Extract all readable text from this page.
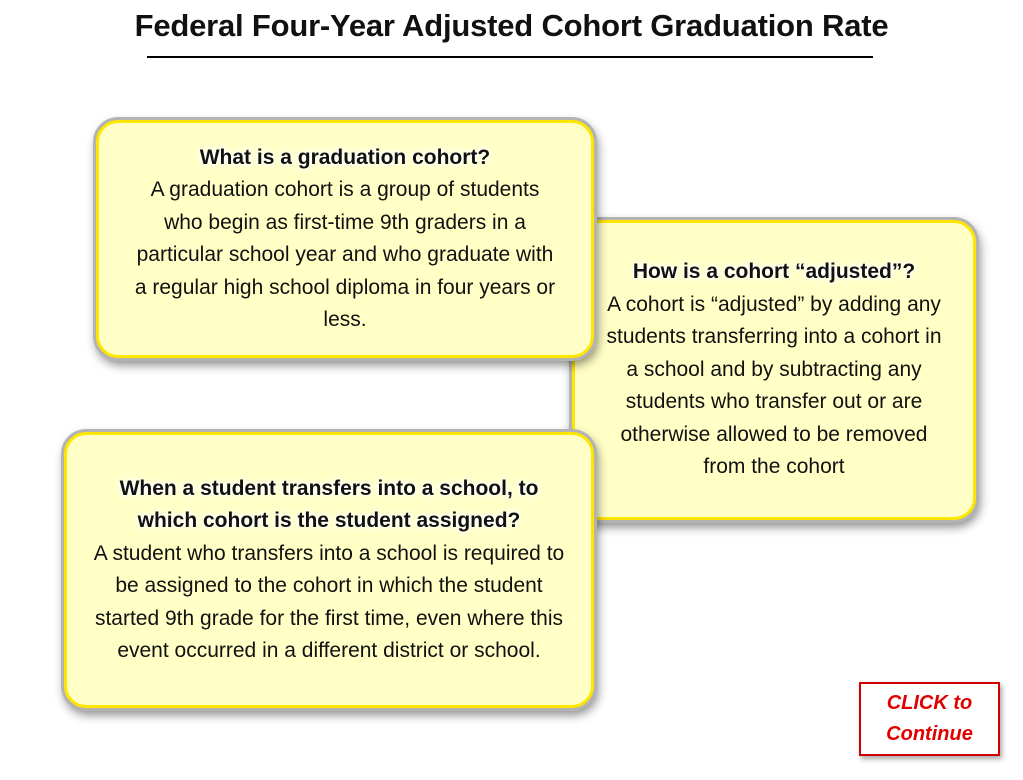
Federal Four-Year Adjusted Cohort Graduation Rate
What is a graduation cohort?
A graduation cohort is a group of students who begin as first-time 9th graders in a particular school year and who graduate with a regular high school diploma in four years or less.
How is a cohort “adjusted”?
A cohort is “adjusted” by adding any students transferring into a cohort in a school and by subtracting any students who transfer out or are otherwise allowed to be removed from the cohort
When a student transfers into a school, to which cohort is the student assigned?
A student who transfers into a school is required to be assigned to the cohort in which the student started 9th grade for the first time, even where this event occurred in a different district or school.
CLICK to
Continue
